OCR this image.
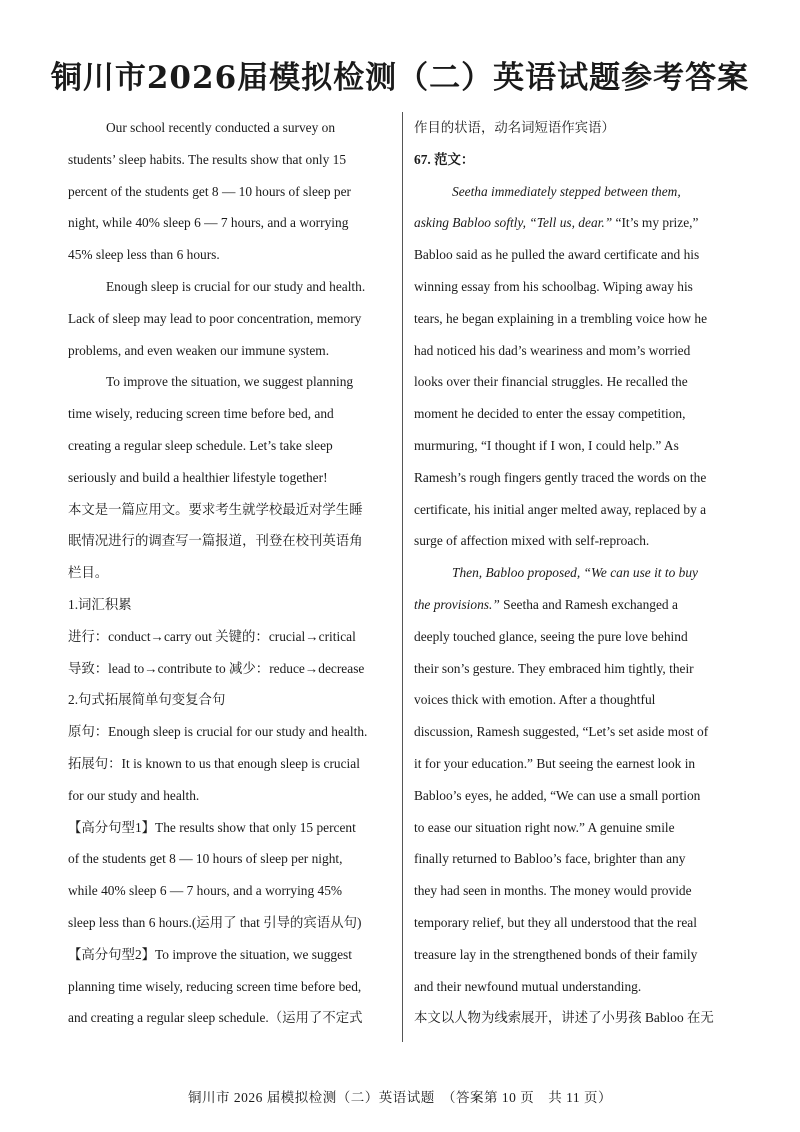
铜川市2026届模拟检测（二）英语试题参考答案
Our school recently conducted a survey on
students’ sleep habits. The results show that only 15
percent of the students get 8 — 10 hours of sleep per
night, while 40% sleep 6 — 7 hours, and a worrying
45% sleep less than 6 hours.
Enough sleep is crucial for our study and health.
Lack of sleep may lead to poor concentration, memory
problems, and even weaken our immune system.
To improve the situation, we suggest planning
time wisely, reducing screen time before bed, and
creating a regular sleep schedule. Let’s take sleep
seriously and build a healthier lifestyle together!
本文是一篇应用文。要求考生就学校最近对学生睡
眠情况进行的调查写一篇报道，刊登在校刊英语角
栏目。
1.词汇积累
进行：conduct→carry out 关键的：crucial→critical
导致：lead to→contribute to 减少：reduce→decrease
2.句式拓展简单句变复合句
原句：Enough sleep is crucial for our study and health.
拓展句：It is known to us that enough sleep is crucial
for our study and health.
【高分句型1】The results show that only 15 percent
of the students get 8 — 10 hours of sleep per night,
while 40% sleep 6 — 7 hours, and a worrying 45%
sleep less than 6 hours.(运用了 that 引导的宾语从句)
【高分句型2】To improve the situation, we suggest
planning time wisely, reducing screen time before bed,
and creating a regular sleep schedule.（运用了不定式
作目的状语，动名词短语作宾语）
67. 范文：
Seetha immediately stepped between them,
asking Babloo softly, “Tell us, dear.” “It’s my prize,”
Babloo said as he pulled the award certificate and his
winning essay from his schoolbag. Wiping away his
tears, he began explaining in a trembling voice how he
had noticed his dad’s weariness and mom’s worried
looks over their financial struggles. He recalled the
moment he decided to enter the essay competition,
murmuring, “I thought if I won, I could help.” As
Ramesh’s rough fingers gently traced the words on the
certificate, his initial anger melted away, replaced by a
surge of affection mixed with self-reproach.
Then, Babloo proposed, “We can use it to buy
the provisions.” Seetha and Ramesh exchanged a
deeply touched glance, seeing the pure love behind
their son’s gesture. They embraced him tightly, their
voices thick with emotion. After a thoughtful
discussion, Ramesh suggested, “Let’s set aside most of
it for your education.” But seeing the earnest look in
Babloo’s eyes, he added, “We can use a small portion
to ease our situation right now.” A genuine smile
finally returned to Babloo’s face, brighter than any
they had seen in months. The money would provide
temporary relief, but they all understood that the real
treasure lay in the strengthened bonds of their family
and their newfound mutual understanding.
本文以人物为线索展开，讲述了小男孩 Babloo 在无
铜川市 2026 届模拟检测（二）英语试题　（答案第 10 页　共 11 页）
